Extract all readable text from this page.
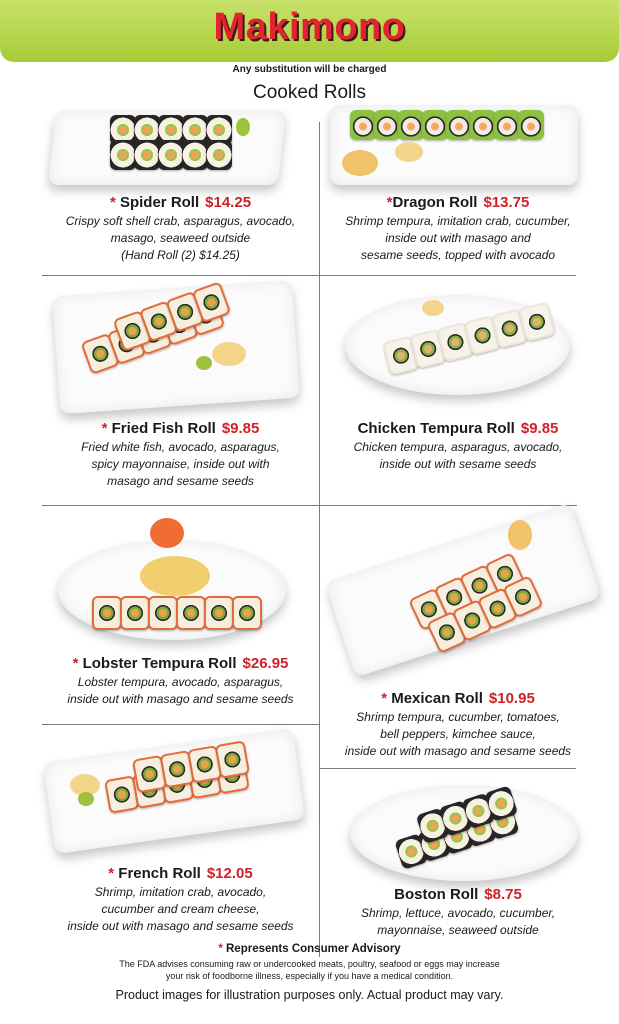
Makimono
Any substitution will be charged
Cooked Rolls
* Spider Roll $14.25
Crispy soft shell crab, asparagus, avocado,
masago, seaweed outside
(Hand Roll (2) $14.25)
*Dragon Roll $13.75
Shrimp tempura, imitation crab, cucumber,
inside out with masago and
sesame seeds, topped with avocado
* Fried Fish Roll $9.85
Fried white fish, avocado, asparagus,
spicy mayonnaise, inside out with
masago and sesame seeds
Chicken Tempura Roll $9.85
Chicken tempura, asparagus, avocado,
inside out with sesame seeds
* Lobster Tempura Roll $26.95
Lobster tempura, avocado, asparagus,
inside out with masago and sesame seeds	* Mexican Roll $10.95
Shrimp tempura, cucumber, tomatoes,
bell peppers, kimchee sauce,
inside out with masago and sesame seeds
* French Roll $12.05
Shrimp, imitation crab, avocado,
cucumber and cream cheese,
inside out with masago and sesame seeds
Boston Roll $8.75
Shrimp, lettuce, avocado, cucumber,
mayonnaise, seaweed outside
* Represents Consumer Advisory
The FDA advises consuming raw or undercooked meats, poultry, seafood or eggs may increase
your risk of foodborne illness, especially if you have a medical condition.
Product images for illustration purposes only. Actual product may vary.
